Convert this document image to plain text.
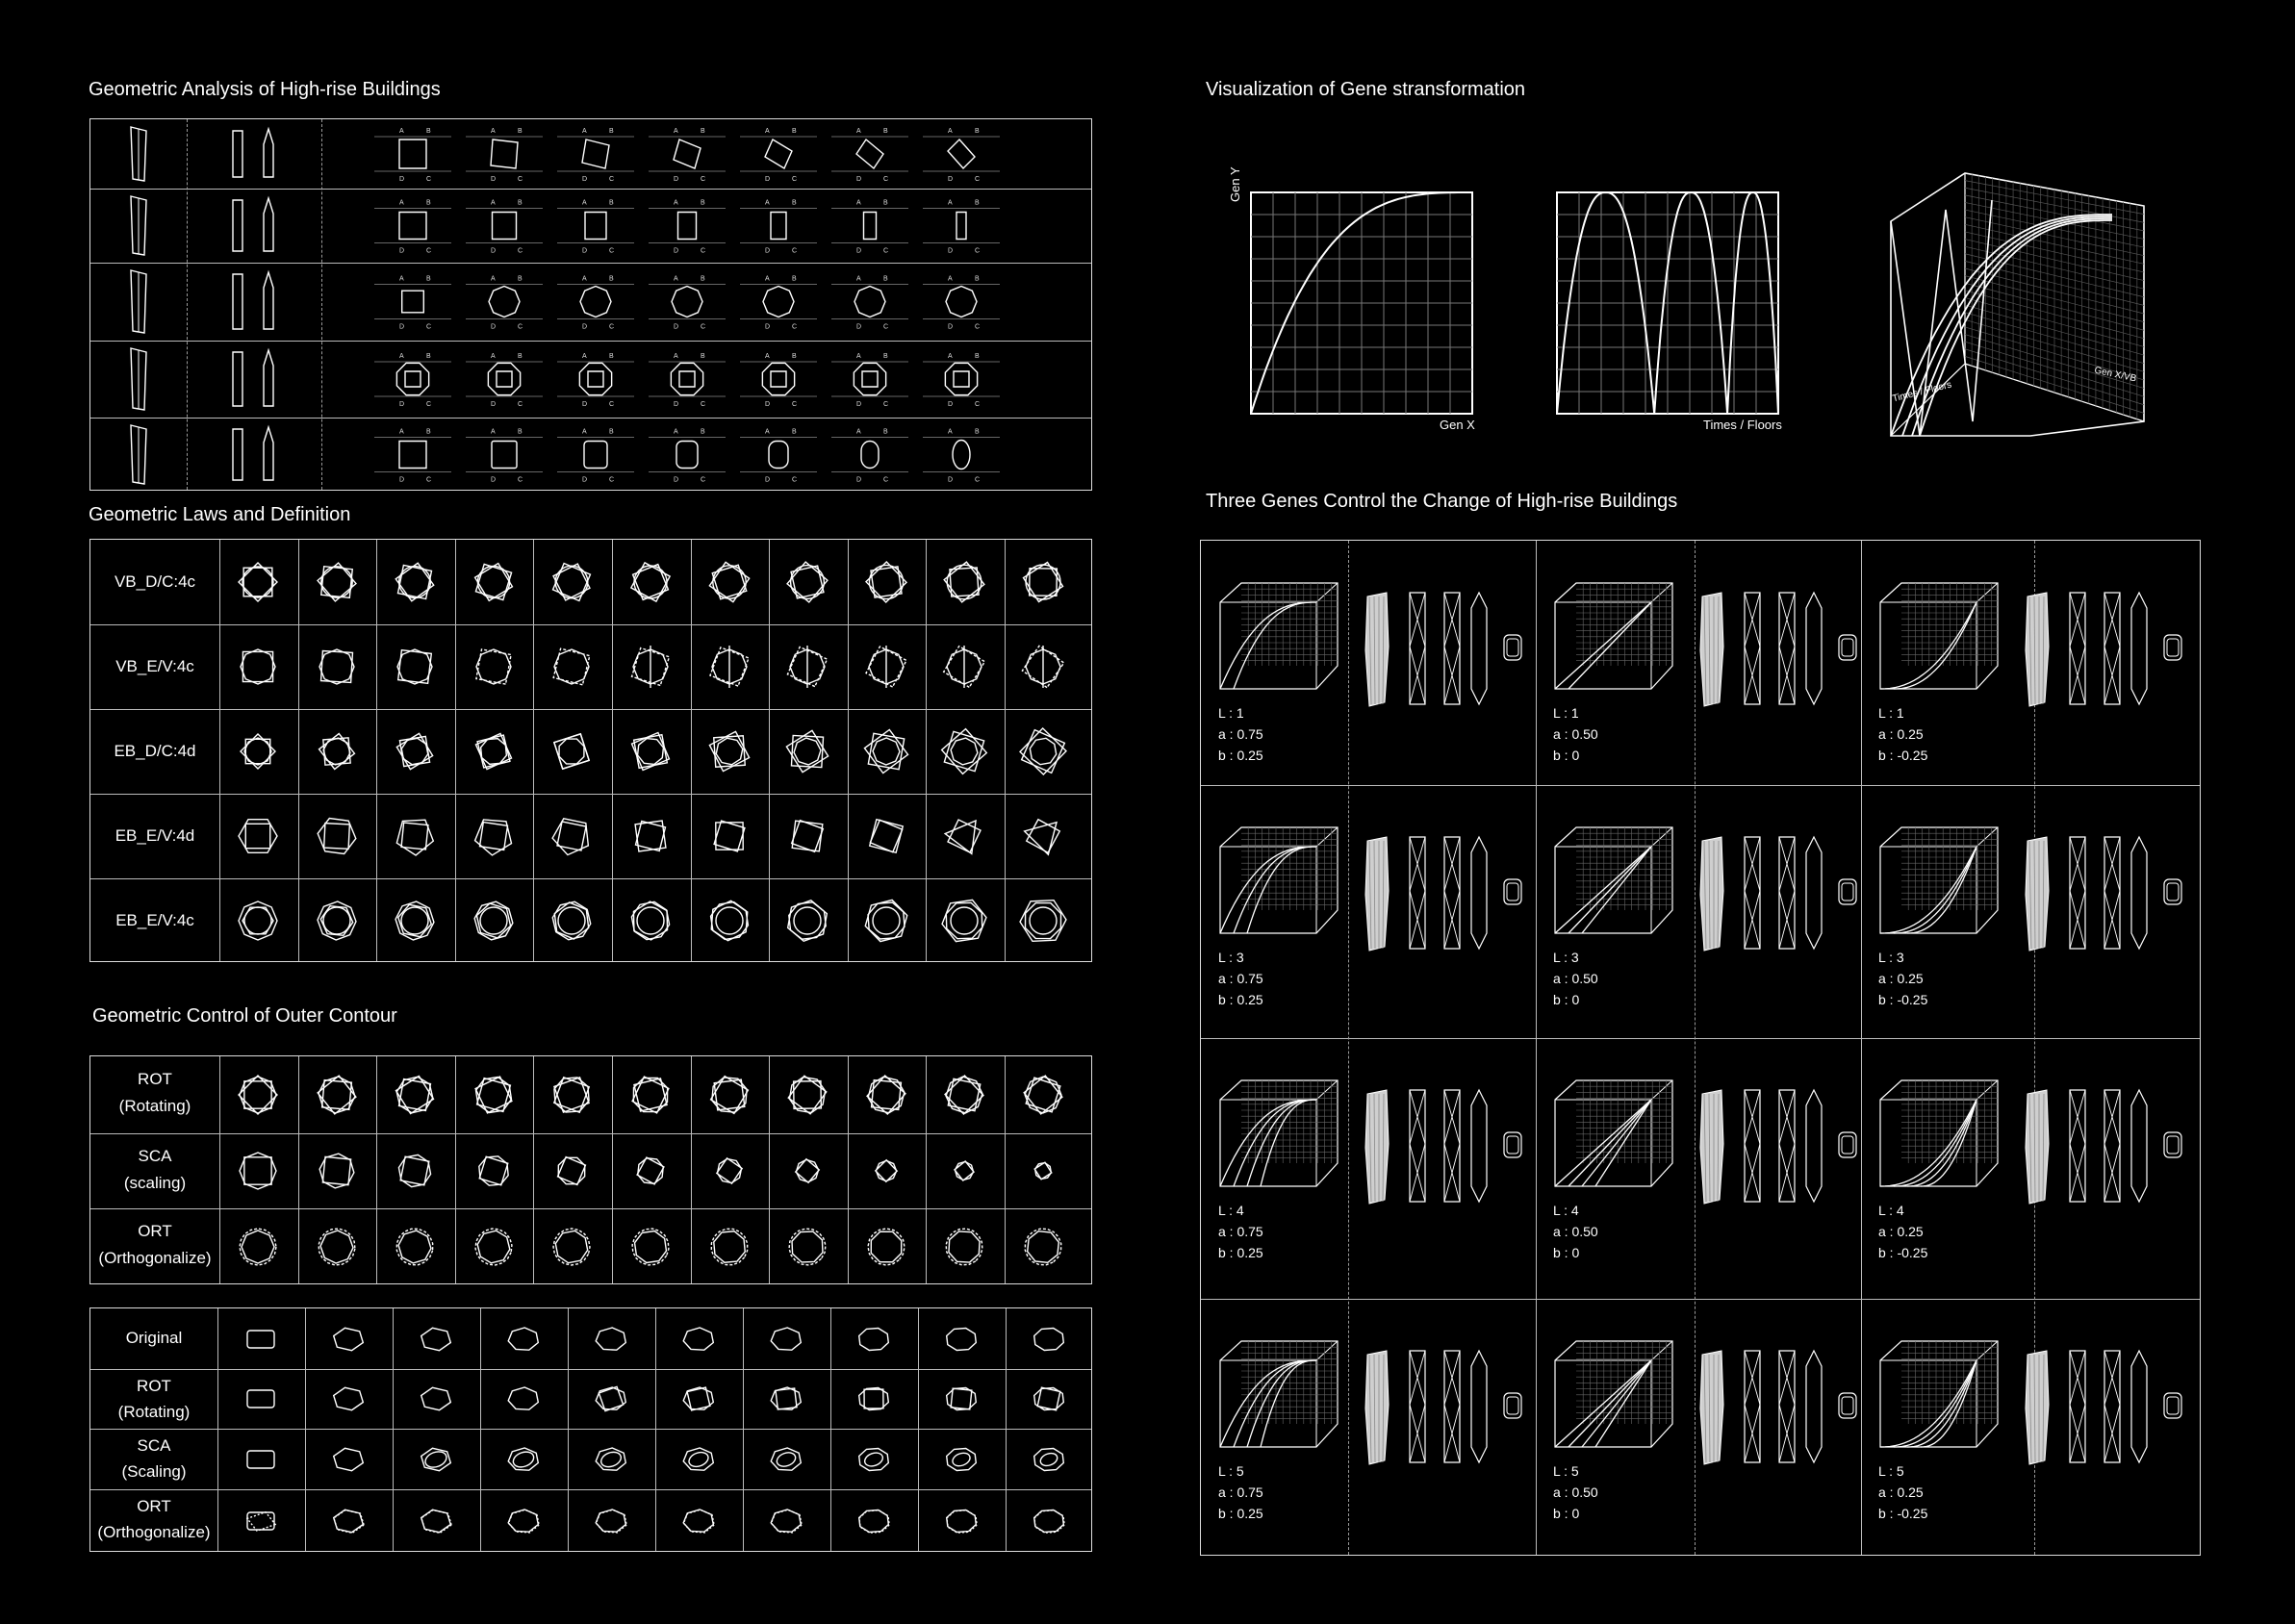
Geometric Analysis of High-rise Buildings
Geometric Laws and Definition
Geometric Control of Outer Contour
Visualization of Gene stransformation
Three Genes Control the Change of High-rise Buildings
A	B
D	C
A	B
D	C
A	B
D	C
A	B
D	C
A	B
D	C
A	B
D	C
A	B
D	C
A	B
D	C
A	B
D	C
A	B
D	C
A	B
D	C
A	B
D	C
A	B
D	C
A	B
D	C
A	B
D	C
A	B
D	C
A	B
D	C
A	B
D	C
A	B
D	C
A	B
D	C
A	B
D	C
A	B
D	C
A	B
D	C
A	B
D	C
A	B
D	C
A	B
D	C
A	B
D	C
A	B
D	C
A	B
D	C
A	B
D	C
A	B
D	C
A	B
D	C
A	B
D	C
A	B
D	C
A	B
D	C
VB_D/C:4c
VB_E/V:4c
EB_D/C:4d
EB_E/V:4d
EB_E/V:4c
ROT
(Rotating)
SCA
(scaling)
ORT
(Orthogonalize)
Original
ROT
(Rotating)
SCA
(Scaling)
ORT
(Orthogonalize)
Gen Y
Gen X	Times / Floors
Gen X/VB
Times / Floors
L : 1
a : 0.75
b : 0.25
L : 1
a : 0.50
b : 0
L : 1
a : 0.25
b : -0.25
L : 3
a : 0.75
b : 0.25
L : 3
a : 0.50
b : 0
L : 3
a : 0.25
b : -0.25
L : 4
a : 0.75
b : 0.25
L : 4
a : 0.50
b : 0
L : 4
a : 0.25
b : -0.25
L : 5
a : 0.75
b : 0.25
L : 5
a : 0.50
b : 0
L : 5
a : 0.25
b : -0.25
